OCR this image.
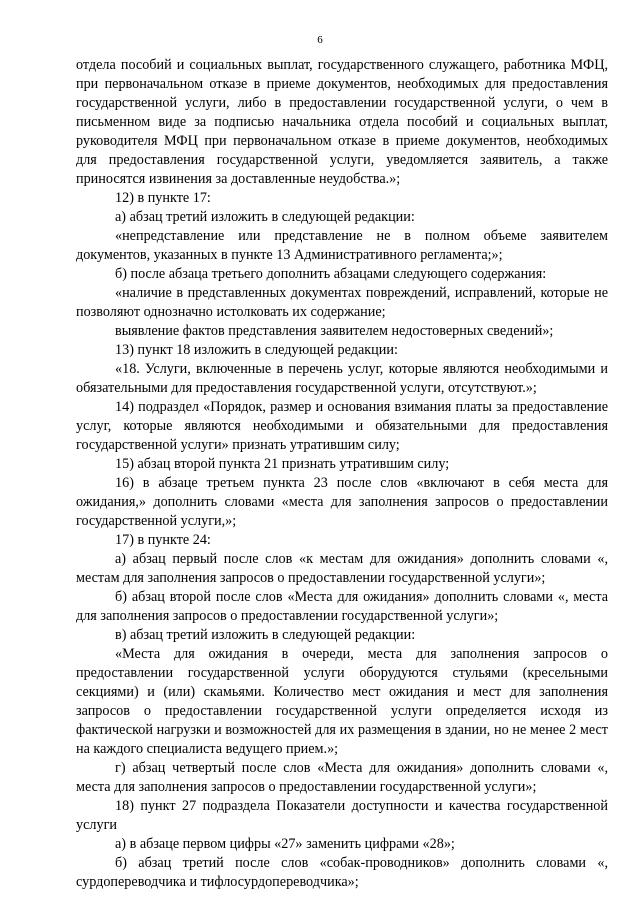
6

отдела пособий и социальных выплат, государственного служащего, работника МФЦ, при первоначальном отказе в приеме документов, необходимых для предоставления государственной услуги, либо в предоставлении государственной услуги, о чем в письменном виде за подписью начальника отдела пособий и социальных выплат, руководителя МФЦ при первоначальном отказе в приеме документов, необходимых для предоставления государственной услуги, уведомляется заявитель, а также приносятся извинения за доставленные неудобства.»;

12) в пункте 17:

а) абзац третий изложить в следующей редакции:

«непредставление или представление не в полном объеме заявителем документов, указанных в пункте 13 Административного регламента;»;

б) после абзаца третьего дополнить абзацами следующего содержания:

«наличие в представленных документах повреждений, исправлений, которые не позволяют однозначно истолковать их содержание;

выявление фактов представления заявителем недостоверных сведений»;

13) пункт 18 изложить в следующей редакции:

«18. Услуги, включенные в перечень услуг, которые являются необходимыми и обязательными для предоставления государственной услуги, отсутствуют.»;

14) подраздел «Порядок, размер и основания взимания платы за предоставление услуг, которые являются необходимыми и обязательными для предоставления государственной услуги» признать утратившим силу;

15) абзац второй пункта 21 признать утратившим силу;

16) в абзаце третьем пункта 23 после слов «включают в себя места для ожидания,» дополнить словами «места для заполнения запросов о предоставлении государственной услуги,»;

17) в пункте 24:

а) абзац первый после слов «к местам для ожидания» дополнить словами «, местам для заполнения запросов о предоставлении государственной услуги»;

б) абзац второй после слов «Места для ожидания» дополнить словами «, места для заполнения запросов о предоставлении государственной услуги»;

в) абзац третий изложить в следующей редакции:

«Места для ожидания в очереди, места для заполнения запросов о предоставлении государственной услуги оборудуются стульями (кресельными секциями) и (или) скамьями. Количество мест ожидания и мест для заполнения запросов о предоставлении государственной услуги определяется исходя из фактической нагрузки и возможностей для их размещения в здании, но не менее 2 мест на каждого специалиста ведущего прием.»;

г) абзац четвертый после слов «Места для ожидания» дополнить словами «, места для заполнения запросов о предоставлении государственной услуги»;

18) пункт 27 подраздела Показатели доступности и качества государственной услуги

а) в абзаце первом цифры «27» заменить цифрами «28»;

б) абзац третий после слов «собак-проводников» дополнить словами «, сурдопереводчика и тифлосурдопереводчика»;
